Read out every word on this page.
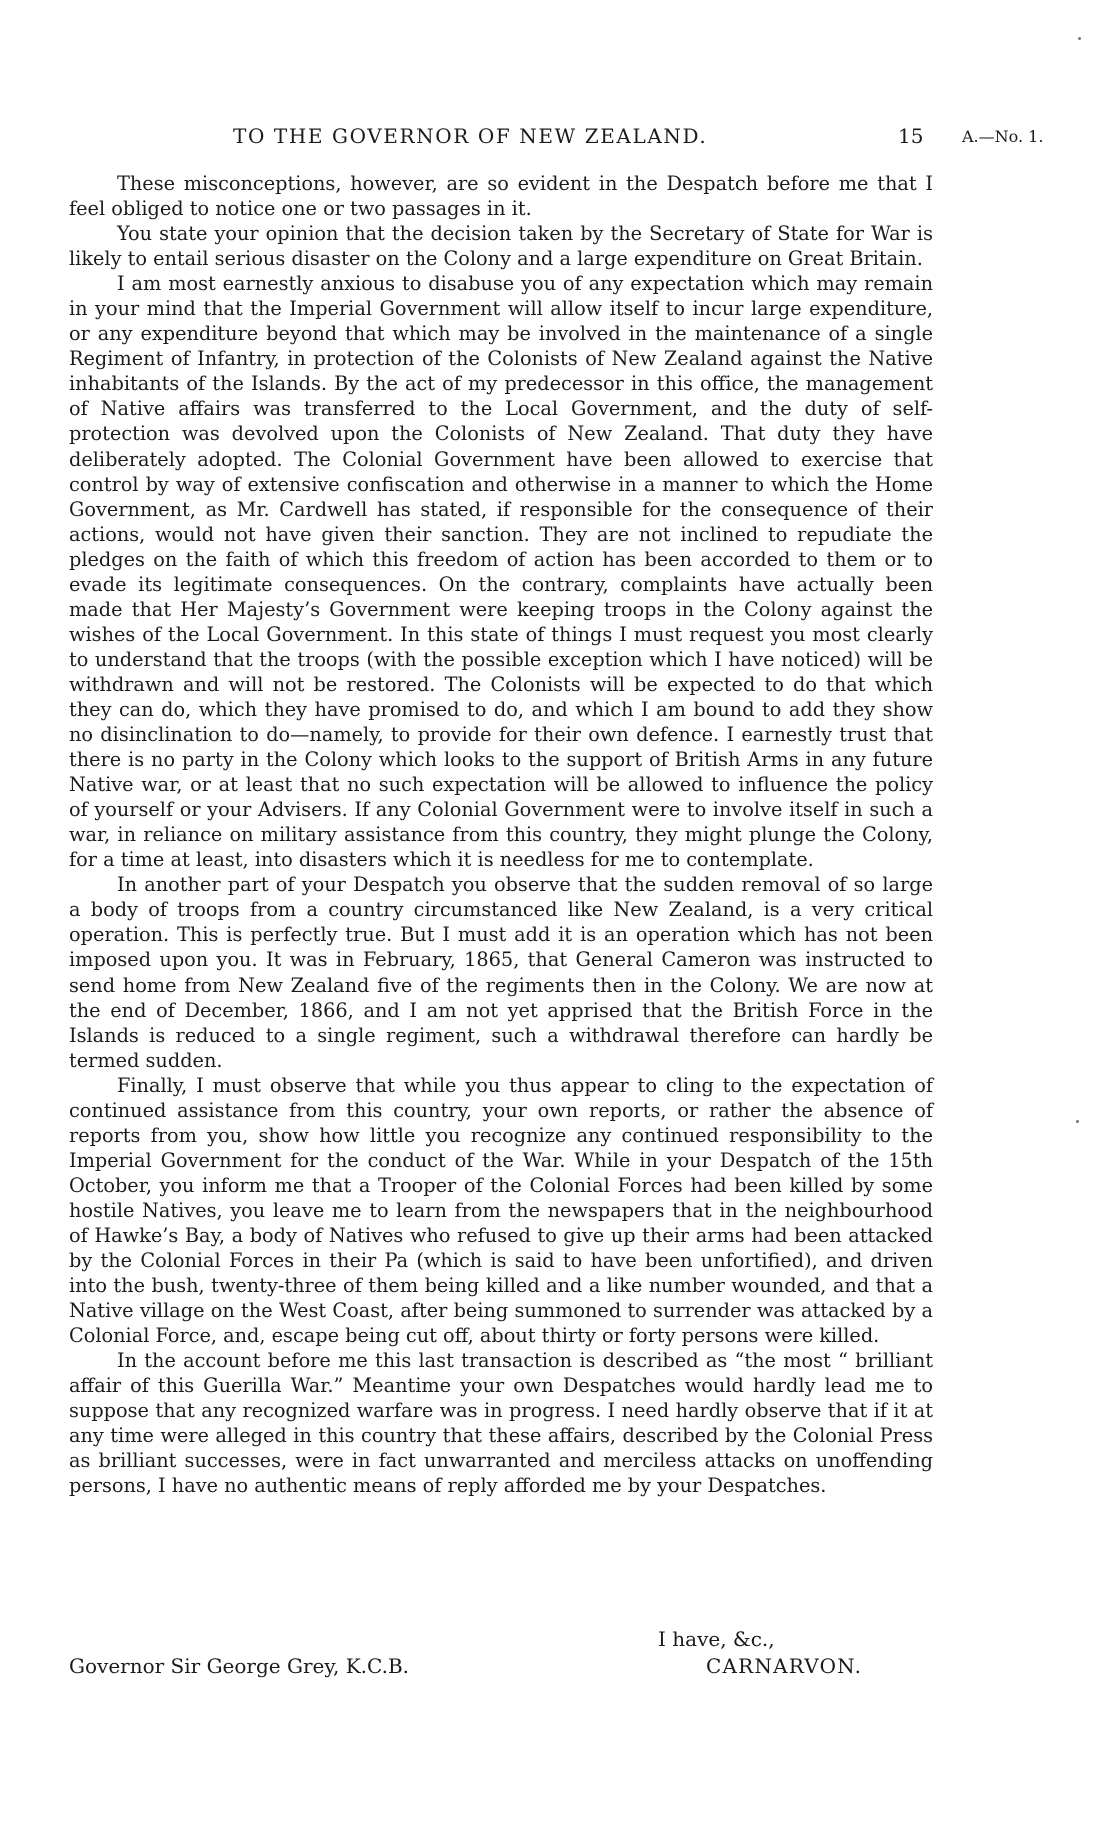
TO THE GOVERNOR OF NEW ZEALAND.	15 A.—No. 1.

These misconceptions, however, are so evident in the Despatch before me that I feel obliged to notice one or two passages in it.

You state your opinion that the decision taken by the Secretary of State for War is likely to entail serious disaster on the Colony and a large expenditure on Great Britain.

I am most earnestly anxious to disabuse you of any expectation which may remain in your mind that the Imperial Government will allow itself to incur large expenditure, or any expenditure beyond that which may be involved in the maintenance of a single Regiment of Infantry, in protection of the Colonists of New Zealand against the Native inhabitants of the Islands. By the act of my predecessor in this office, the management of Native affairs was transferred to the Local Government, and the duty of self-protection was devolved upon the Colonists of New Zealand. That duty they have deliberately adopted. The Colonial Government have been allowed to exercise that control by way of extensive confiscation and otherwise in a manner to which the Home Government, as Mr. Cardwell has stated, if responsible for the consequence of their actions, would not have given their sanction. They are not inclined to repudiate the pledges on the faith of which this freedom of action has been accorded to them or to evade its legitimate consequences. On the contrary, complaints have actually been made that Her Majesty’s Government were keeping troops in the Colony against the wishes of the Local Government. In this state of things I must request you most clearly to understand that the troops (with the possible exception which I have noticed) will be withdrawn and will not be restored. The Colonists will be expected to do that which they can do, which they have promised to do, and which I am bound to add they show no disinclination to do—namely, to provide for their own defence. I earnestly trust that there is no party in the Colony which looks to the support of British Arms in any future Native war, or at least that no such expectation will be allowed to influence the policy of yourself or your Advisers. If any Colonial Government were to involve itself in such a war, in reliance on military assistance from this country, they might plunge the Colony, for a time at least, into disasters which it is needless for me to contemplate.

In another part of your Despatch you observe that the sudden removal of so large a body of troops from a country circumstanced like New Zealand, is a very critical operation. This is perfectly true. But I must add it is an operation which has not been imposed upon you. It was in February, 1865, that General Cameron was instructed to send home from New Zealand five of the regiments then in the Colony. We are now at the end of December, 1866, and I am not yet apprised that the British Force in the Islands is reduced to a single regiment, such a withdrawal therefore can hardly be termed sudden.

Finally, I must observe that while you thus appear to cling to the expectation of continued assistance from this country, your own reports, or rather the absence of reports from you, show how little you recognize any continued responsibility to the Imperial Government for the conduct of the War. While in your Despatch of the 15th October, you inform me that a Trooper of the Colonial Forces had been killed by some hostile Natives, you leave me to learn from the newspapers that in the neighbourhood of Hawke’s Bay, a body of Natives who refused to give up their arms had been attacked by the Colonial Forces in their Pa (which is said to have been unfortified), and driven into the bush, twenty-three of them being killed and a like number wounded, and that a Native village on the West Coast, after being summoned to surrender was attacked by a Colonial Force, and, escape being cut off, about thirty or forty persons were killed.

In the account before me this last transaction is described as “the most “ brilliant affair of this Guerilla War.” Meantime your own Despatches would hardly lead me to suppose that any recognized warfare was in progress. I need hardly observe that if it at any time were alleged in this country that these affairs, described by the Colonial Press as brilliant successes, were in fact unwarranted and merciless attacks on unoffending persons, I have no authentic means of reply afforded me by your Despatches.

I have, &c.,
Governor Sir George Grey, K.C.B.	CARNARVON.
